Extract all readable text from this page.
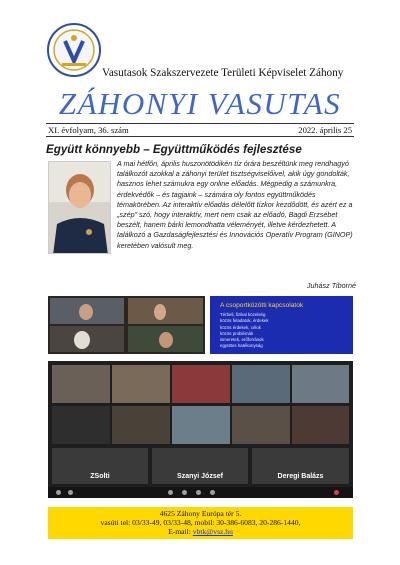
Vasutasok Szakszervezete Területi Képviselet Záhony
ZÁHONYI VASUTAS
XI. évfolyam, 36. szám	2022. április 25
Együtt könnyebb – Együttműködés fejlesztése
A mai hétfőn, április huszonötödikén tíz órára beszéltünk meg rendhagyó
találkozót azokkal a záhonyi terület tisztségviselőivel, akik úgy gondolták,
hasznos lehet számukra egy online előadás. Mégpedig a számunkra,
érdekvédők – és tagjaink – számára oly fontos együttműködés
témakörében. Az interaktív előadás délelőtt tízkor kezdődött, és azért ez a
„szép” szó, hogy interaktív, mert nem csak az előadó, Bagdi Erzsébet
beszélt, hanem bárki lemondhatta véleményét, illetve kérdezhetett. A
találkozó a Gazdaságfejlesztési és Innovációs Operatív Program (GINOP)
keretében valósult meg.
Juhász Tiborné
A csoportközötti kapcsolatok
Térbeli, fizikai közelség
közös feladatok, érdekek
közös érdekek, célok
közös problémák
ismeretek, erőforrások
együttes hatékonyság
ZSolti	Szanyi József	Deregi Balázs
4625 Záhony Európa tér 5.
vasúti tel: 03/33-49, 03/33-48, mobil: 30-386-6083, 20-286-1440,
E-mail: vbtk@vsz.hu
